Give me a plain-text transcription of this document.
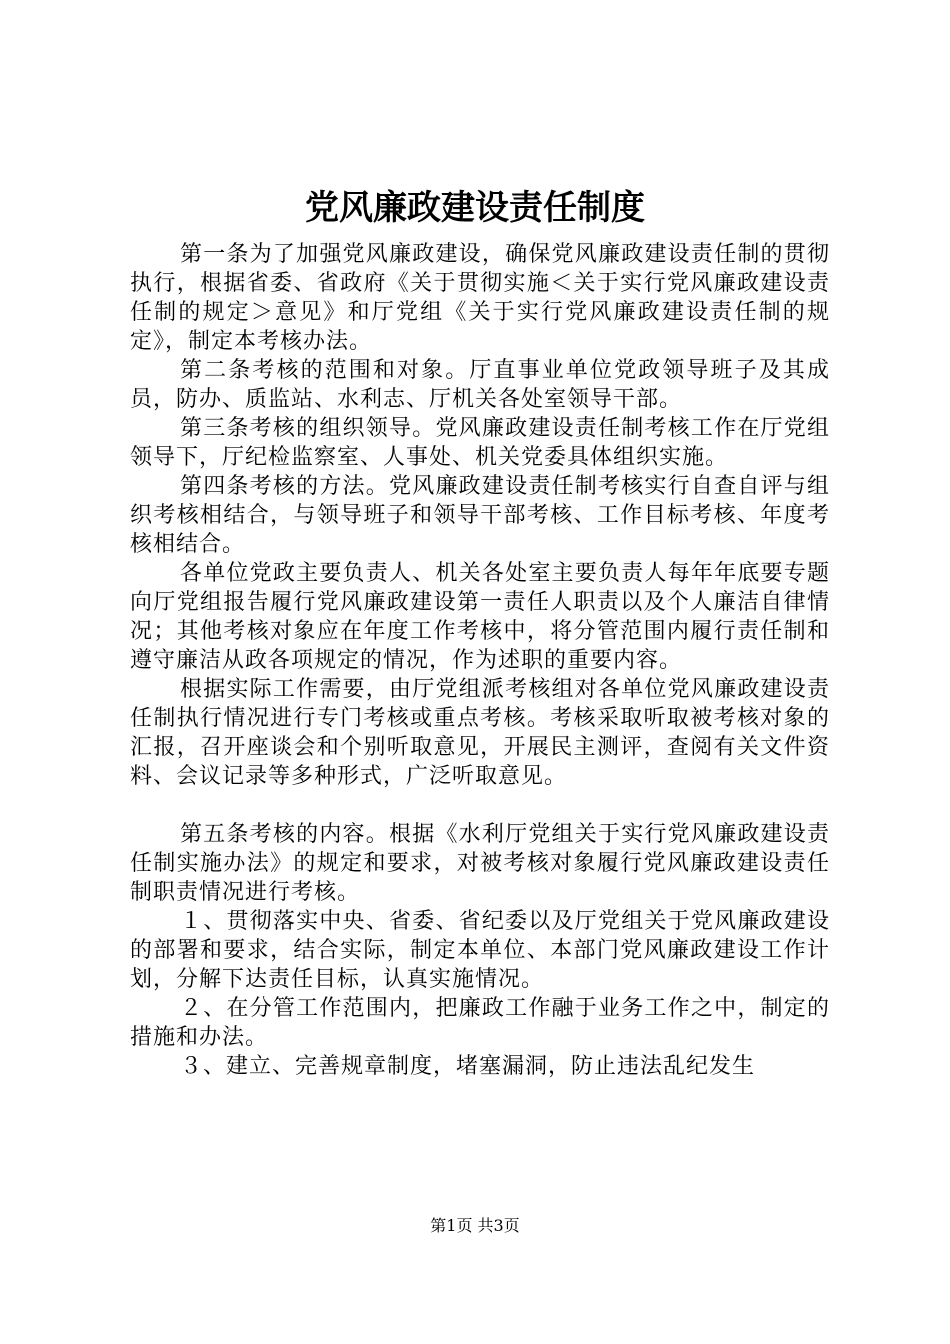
党风廉政建设责任制度

第一条为了加强党风廉政建设，确保党风廉政建设责任制的贯彻执行，根据省委、省政府《关于贯彻实施＜关于实行党风廉政建设责任制的规定＞意见》和厅党组《关于实行党风廉政建设责任制的规定》，制定本考核办法。

第二条考核的范围和对象。厅直事业单位党政领导班子及其成员，防办、质监站、水利志、厅机关各处室领导干部。

第三条考核的组织领导。党风廉政建设责任制考核工作在厅党组领导下，厅纪检监察室、人事处、机关党委具体组织实施。

第四条考核的方法。党风廉政建设责任制考核实行自查自评与组织考核相结合，与领导班子和领导干部考核、工作目标考核、年度考核相结合。

各单位党政主要负责人、机关各处室主要负责人每年年底要专题向厅党组报告履行党风廉政建设第一责任人职责以及个人廉洁自律情况；其他考核对象应在年度工作考核中，将分管范围内履行责任制和遵守廉洁从政各项规定的情况，作为述职的重要内容。

根据实际工作需要，由厅党组派考核组对各单位党风廉政建设责任制执行情况进行专门考核或重点考核。考核采取听取被考核对象的汇报，召开座谈会和个别听取意见，开展民主测评，查阅有关文件资料、会议记录等多种形式，广泛听取意见。

第五条考核的内容。根据《水利厅党组关于实行党风廉政建设责任制实施办法》的规定和要求，对被考核对象履行党风廉政建设责任制职责情况进行考核。

１、贯彻落实中央、省委、省纪委以及厅党组关于党风廉政建设的部署和要求，结合实际，制定本单位、本部门党风廉政建设工作计划，分解下达责任目标，认真实施情况。

２、在分管工作范围内，把廉政工作融于业务工作之中，制定的措施和办法。

３、建立、完善规章制度，堵塞漏洞，防止违法乱纪发生

第1页 共3页
